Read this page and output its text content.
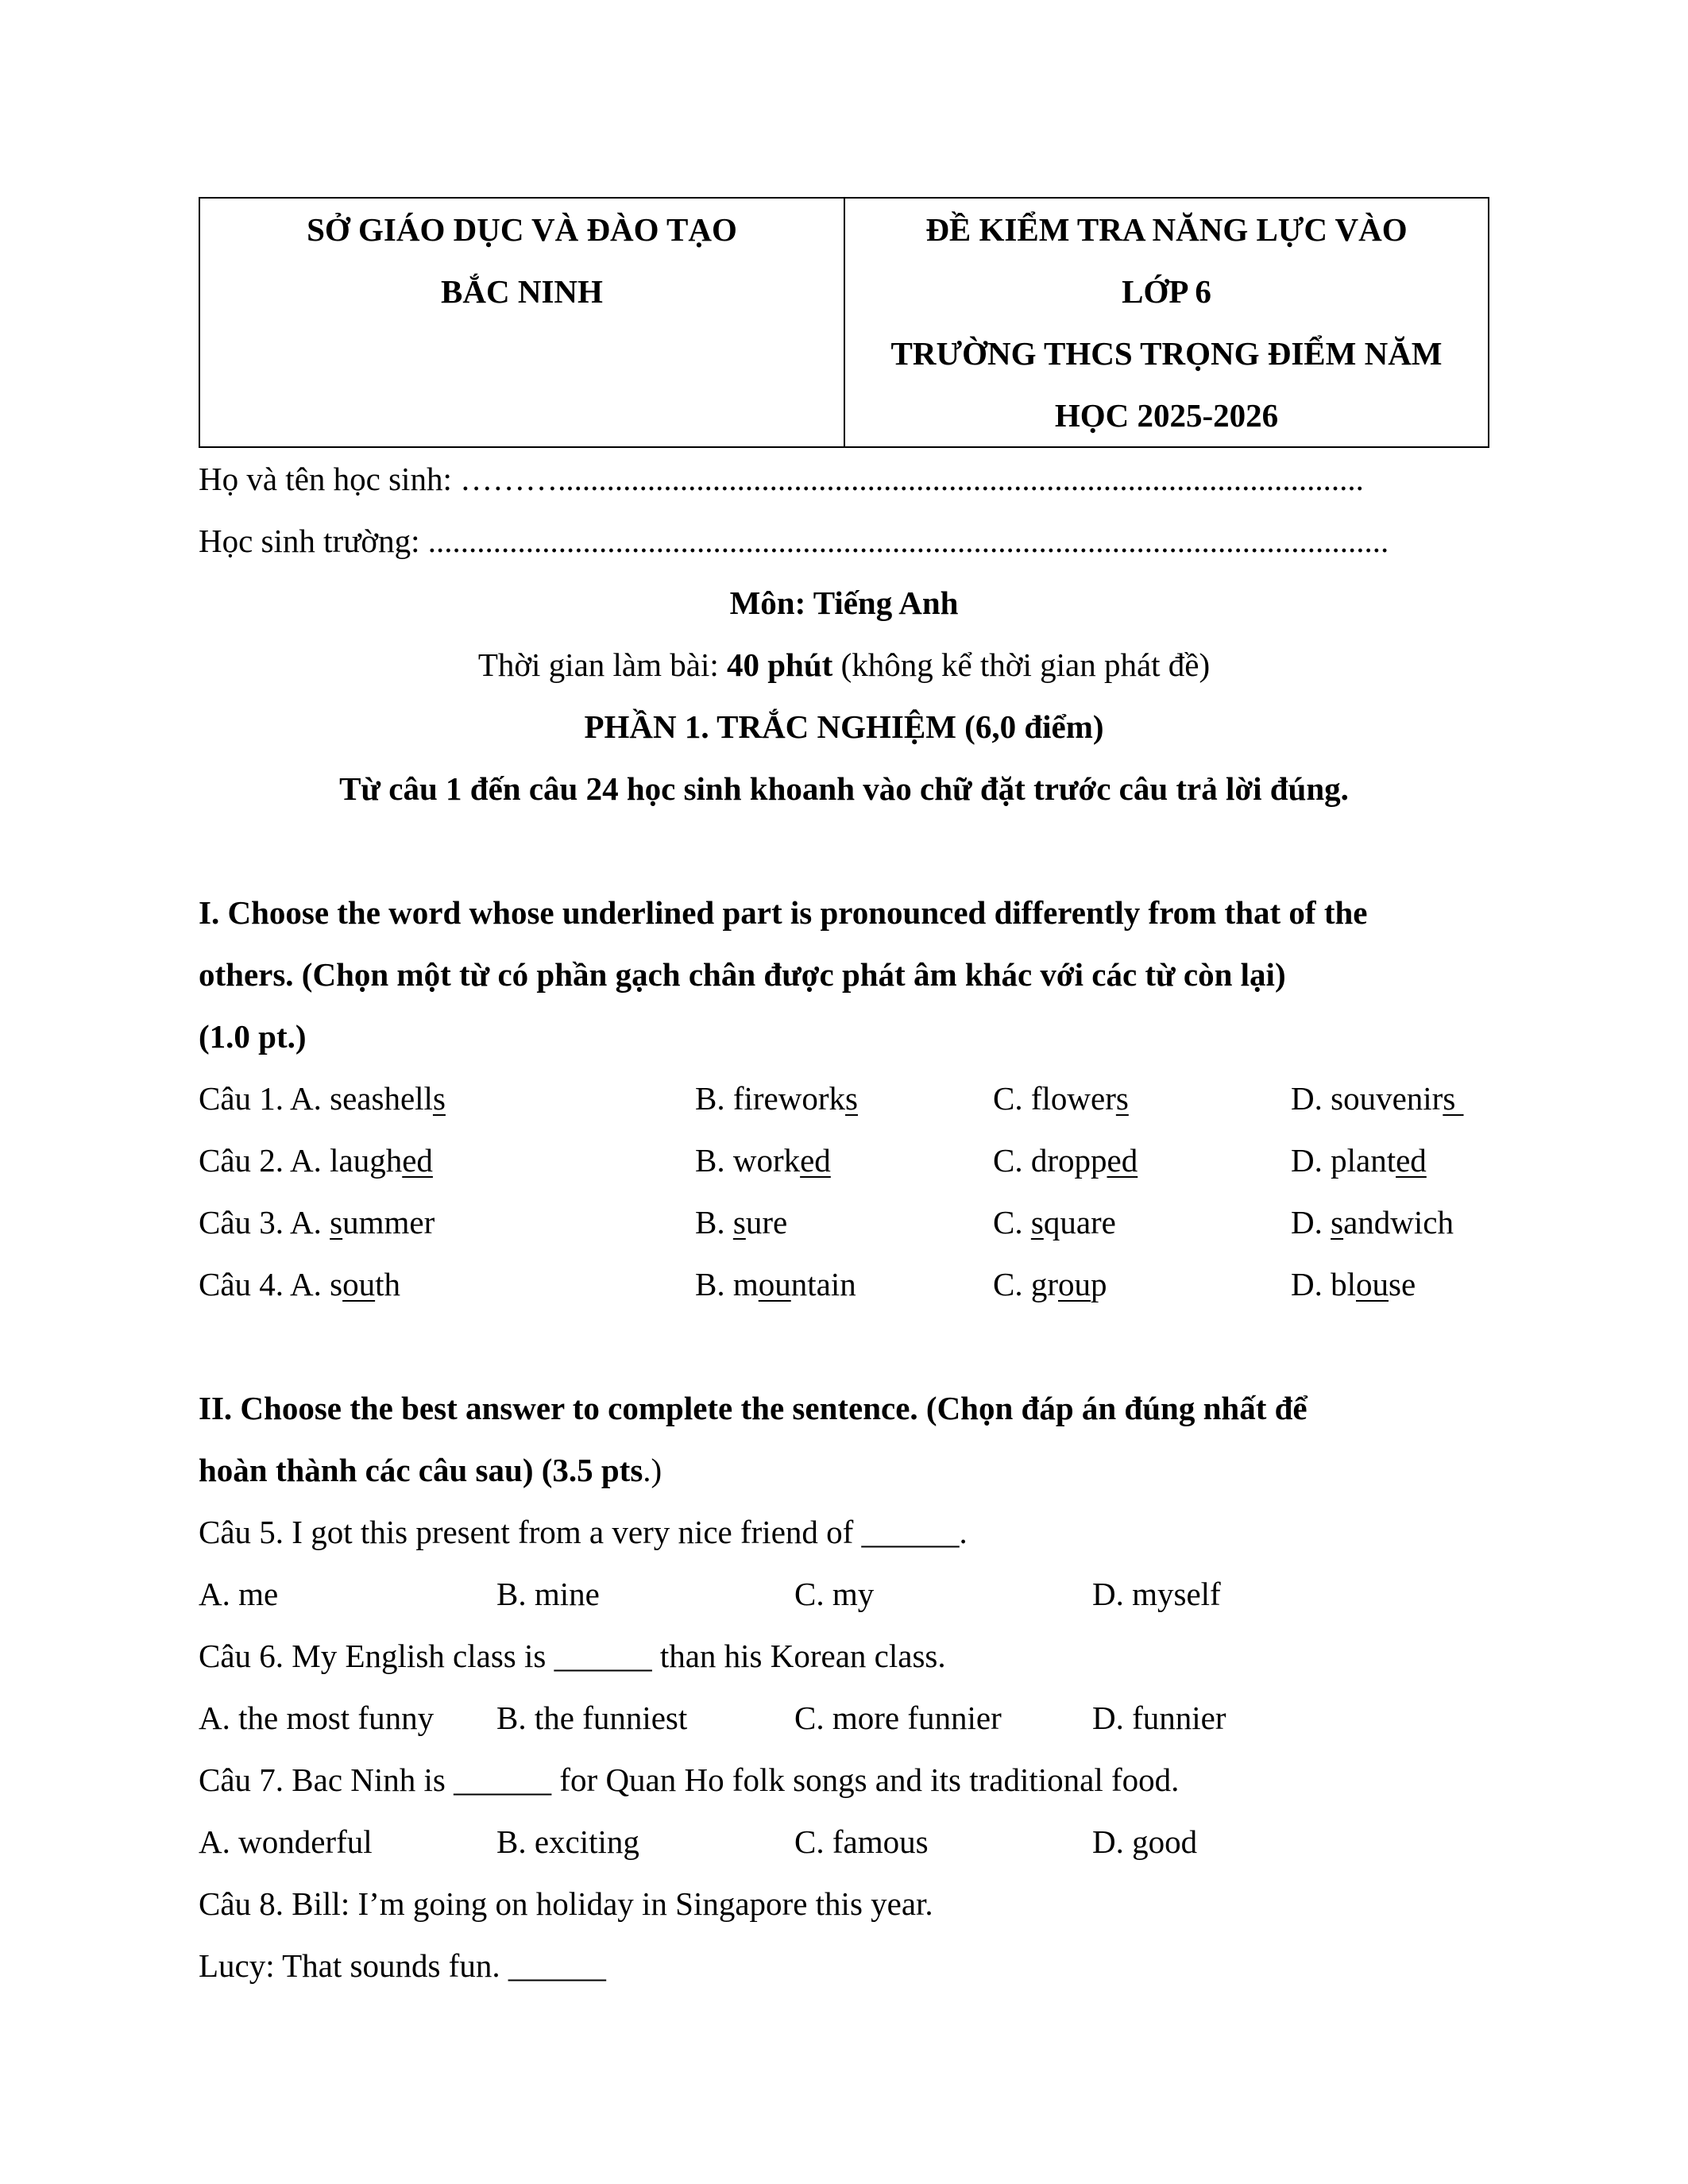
SỞ GIÁO DỤC VÀ ĐÀO TẠO
BẮC NINH

ĐỀ KIỂM TRA NĂNG LỰC VÀO
LỚP 6
TRƯỜNG THCS TRỌNG ĐIỂM NĂM
HỌC 2025-2026
Họ và tên học sinh: ………...................................................................................................
Học sinh trường: ......................................................................................................................
Môn: Tiếng Anh
Thời gian làm bài: 40 phút (không kể thời gian phát đề)
PHẦN 1. TRẮC NGHIỆM (6,0 điểm)
Từ câu 1 đến câu 24 học sinh khoanh vào chữ đặt trước câu trả lời đúng.
I. Choose the word whose underlined part is pronounced differently from that of the
others. (Chọn một từ có phần gạch chân được phát âm khác với các từ còn lại)
(1.0 pt.)
Câu 1. A. seashells	B. fireworks	C. flowers	D. souvenirs
Câu 2. A. laughed	B. worked	C. dropped	D. planted
Câu 3. A. summer	B. sure	C. square	D. sandwich
Câu 4. A. south	B. mountain	C. group	D. blouse
II. Choose the best answer to complete the sentence. (Chọn đáp án đúng nhất để
hoàn thành các câu sau) (3.5 pts.)
Câu 5. I got this present from a very nice friend of ______.
A. me	B. mine	C. my	D. myself
Câu 6. My English class is ______ than his Korean class.
A. the most funny	B. the funniest	C. more funnier	D. funnier
Câu 7. Bac Ninh is ______ for Quan Ho folk songs and its traditional food.
A. wonderful	B. exciting	C. famous	D. good
Câu 8. Bill: I’m going on holiday in Singapore this year.
Lucy: That sounds fun. ______
